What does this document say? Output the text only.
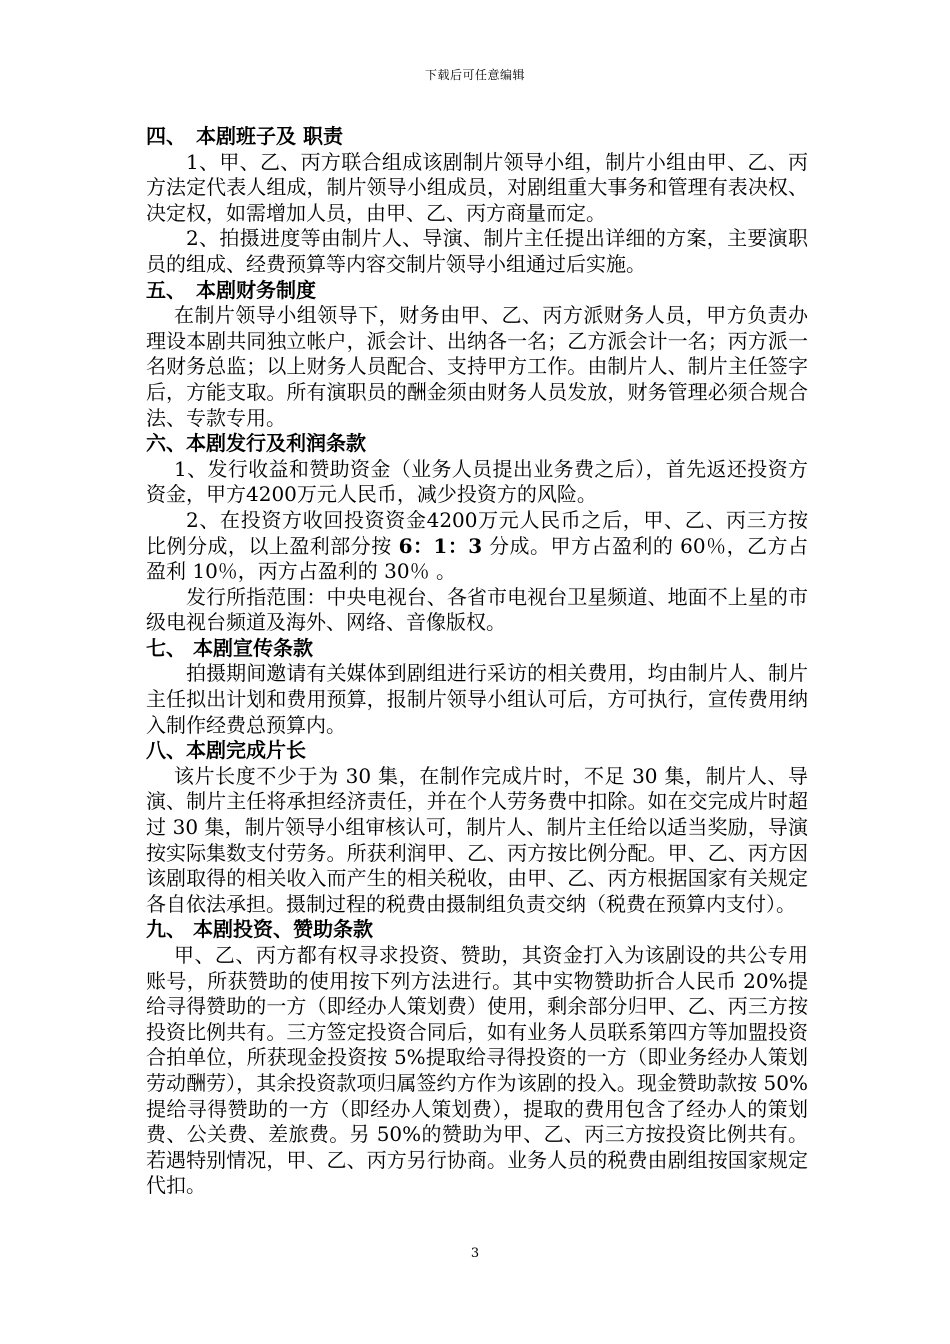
下载后可任意编辑

四、　本剧班子及 职责

1、甲、乙、丙方联合组成该剧制片领导小组，制片小组由甲、乙、丙方法定代表人组成，制片领导小组成员，对剧组重大事务和管理有表决权、决定权，如需增加人员，由甲、乙、丙方商量而定。

2、拍摄进度等由制片人、导演、制片主任提出详细的方案，主要演职员的组成、经费预算等内容交制片领导小组通过后实施。

五、　本剧财务制度

在制片领导小组领导下，财务由甲、乙、丙方派财务人员，甲方负责办理设本剧共同独立帐户，派会计、出纳各一名；乙方派会计一名；丙方派一名财务总监；以上财务人员配合、支持甲方工作。由制片人、制片主任签字后，方能支取。所有演职员的酬金须由财务人员发放，财务管理必须合规合法、专款专用。

六、本剧发行及利润条款

1、发行收益和赞助资金（业务人员提出业务费之后），首先返还投资方资金，甲方4200万元人民币，减少投资方的风险。

2、在投资方收回投资资金4200万元人民币之后，甲、乙、丙三方按比例分成，以上盈利部分按 6：1：3 分成。甲方占盈利的 60％，乙方占盈利 10％，丙方占盈利的 30％ 。

发行所指范围：中央电视台、各省市电视台卫星频道、地面不上星的市级电视台频道及海外、网络、音像版权。

七、 本剧宣传条款

拍摄期间邀请有关媒体到剧组进行采访的相关费用，均由制片人、制片主任拟出计划和费用预算，报制片领导小组认可后，方可执行，宣传费用纳入制作经费总预算内。

八、本剧完成片长

该片长度不少于为 30 集，在制作完成片时，不足 30 集，制片人、导演、制片主任将承担经济责任，并在个人劳务费中扣除。如在交完成片时超过 30 集，制片领导小组审核认可，制片人、制片主任给以适当奖励，导演按实际集数支付劳务。所获利润甲、乙、丙方按比例分配。甲、乙、丙方因该剧取得的相关收入而产生的相关税收，由甲、乙、丙方根据国家有关规定各自依法承担。摄制过程的税费由摄制组负责交纳（税费在预算内支付）。

九、 本剧投资、赞助条款

甲、乙、丙方都有权寻求投资、赞助，其资金打入为该剧设的共公专用账号，所获赞助的使用按下列方法进行。其中实物赞助折合人民币 20%提给寻得赞助的一方（即经办人策划费）使用，剩余部分归甲、乙、丙三方按投资比例共有。三方签定投资合同后，如有业务人员联系第四方等加盟投资合拍单位，所获现金投资按 5%提取给寻得投资的一方（即业务经办人策划劳动酬劳），其余投资款项归属签约方作为该剧的投入。现金赞助款按 50%提给寻得赞助的一方（即经办人策划费），提取的费用包含了经办人的策划费、公关费、差旅费。另 50%的赞助为甲、乙、丙三方按投资比例共有。若遇特别情况，甲、乙、丙方另行协商。业务人员的税费由剧组按国家规定代扣。

3
